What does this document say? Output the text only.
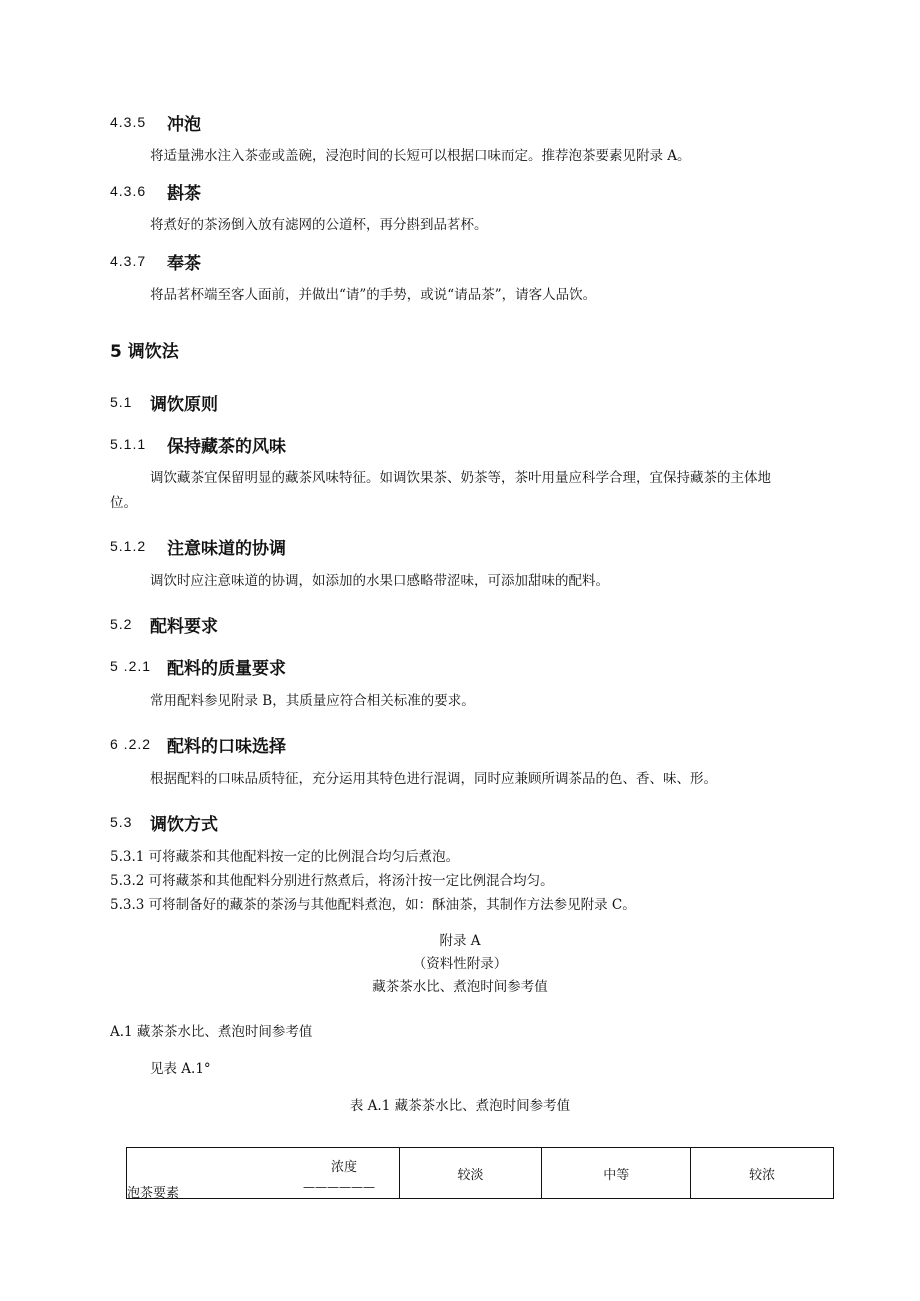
4.3.5 冲泡
将适量沸水注入茶壶或盖碗，浸泡时间的长短可以根据口味而定。推荐泡茶要素见附录 A。
4.3.6 斟茶
将煮好的茶汤倒入放有滤网的公道杯，再分斟到品茗杯。
4.3.7 奉茶
将品茗杯端至客人面前，并做出“请”的手势，或说“请品茶”，请客人品饮。
5 调饮法
5.1 调饮原则
5.1.1 保持藏茶的风味
调饮藏茶宜保留明显的藏茶风味特征。如调饮果茶、奶茶等，茶叶用量应科学合理，宜保持藏茶的主体地
位。
5.1.2 注意味道的协调
调饮时应注意味道的协调，如添加的水果口感略带涩味，可添加甜味的配料。
5.2 配料要求
5 .2.1 配料的质量要求
常用配料参见附录 B，其质量应符合相关标准的要求。
6 .2.2 配料的口味选择
根据配料的口味品质特征，充分运用其特色进行混调，同时应兼顾所调茶品的色、香、味、形。
5.3 调饮方式
5.3.1 可将藏茶和其他配料按一定的比例混合均匀后煮泡。
5.3.2 可将藏茶和其他配料分别进行熬煮后，将汤汁按一定比例混合均匀。
5.3.3 可将制备好的藏茶的茶汤与其他配料煮泡，如：酥油茶，其制作方法参见附录 C。
附录 A
（资料性附录）
藏茶茶水比、煮泡时间参考值
A.1 藏茶茶水比、煮泡时间参考值
见表 A.1°
表 A.1 藏茶茶水比、煮泡时间参考值
浓度
——————
泡茶要素
	较淡	中等	较浓
